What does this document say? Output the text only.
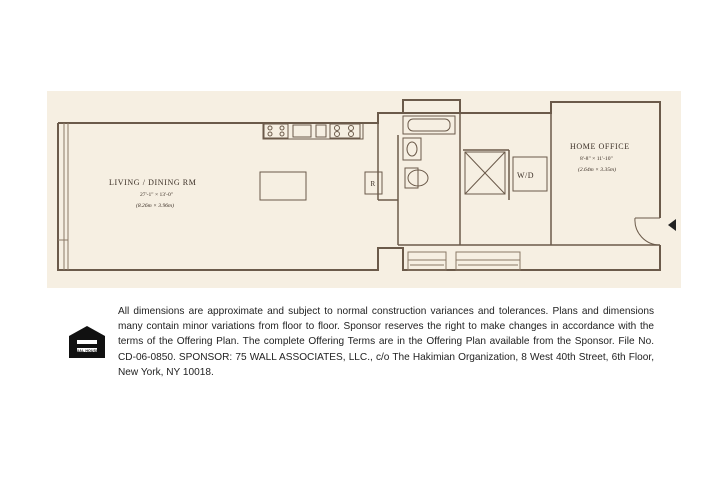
R
W/D
LIVING / DINING RM
27'-1" × 13'-0"
(8.26m × 3.96m)
HOME OFFICE
8'-8" × 11'-10"
(2.64m × 3.35m)
EQUAL HOUSING OPPORTUNITY

All dimensions are approximate and subject to normal construction variances and tolerances. Plans and dimensions many contain minor variations from floor to floor. Sponsor reserves the right to make changes in accordance with the terms of the Offering Plan. The complete Offering Terms are in the Offering Plan available from the Sponsor. File No. CD-06-0850. SPONSOR: 75 WALL ASSOCIATES, LLC., c/o The Hakimian Organization, 8 West 40th Street, 6th Floor, New York, NY 10018.
